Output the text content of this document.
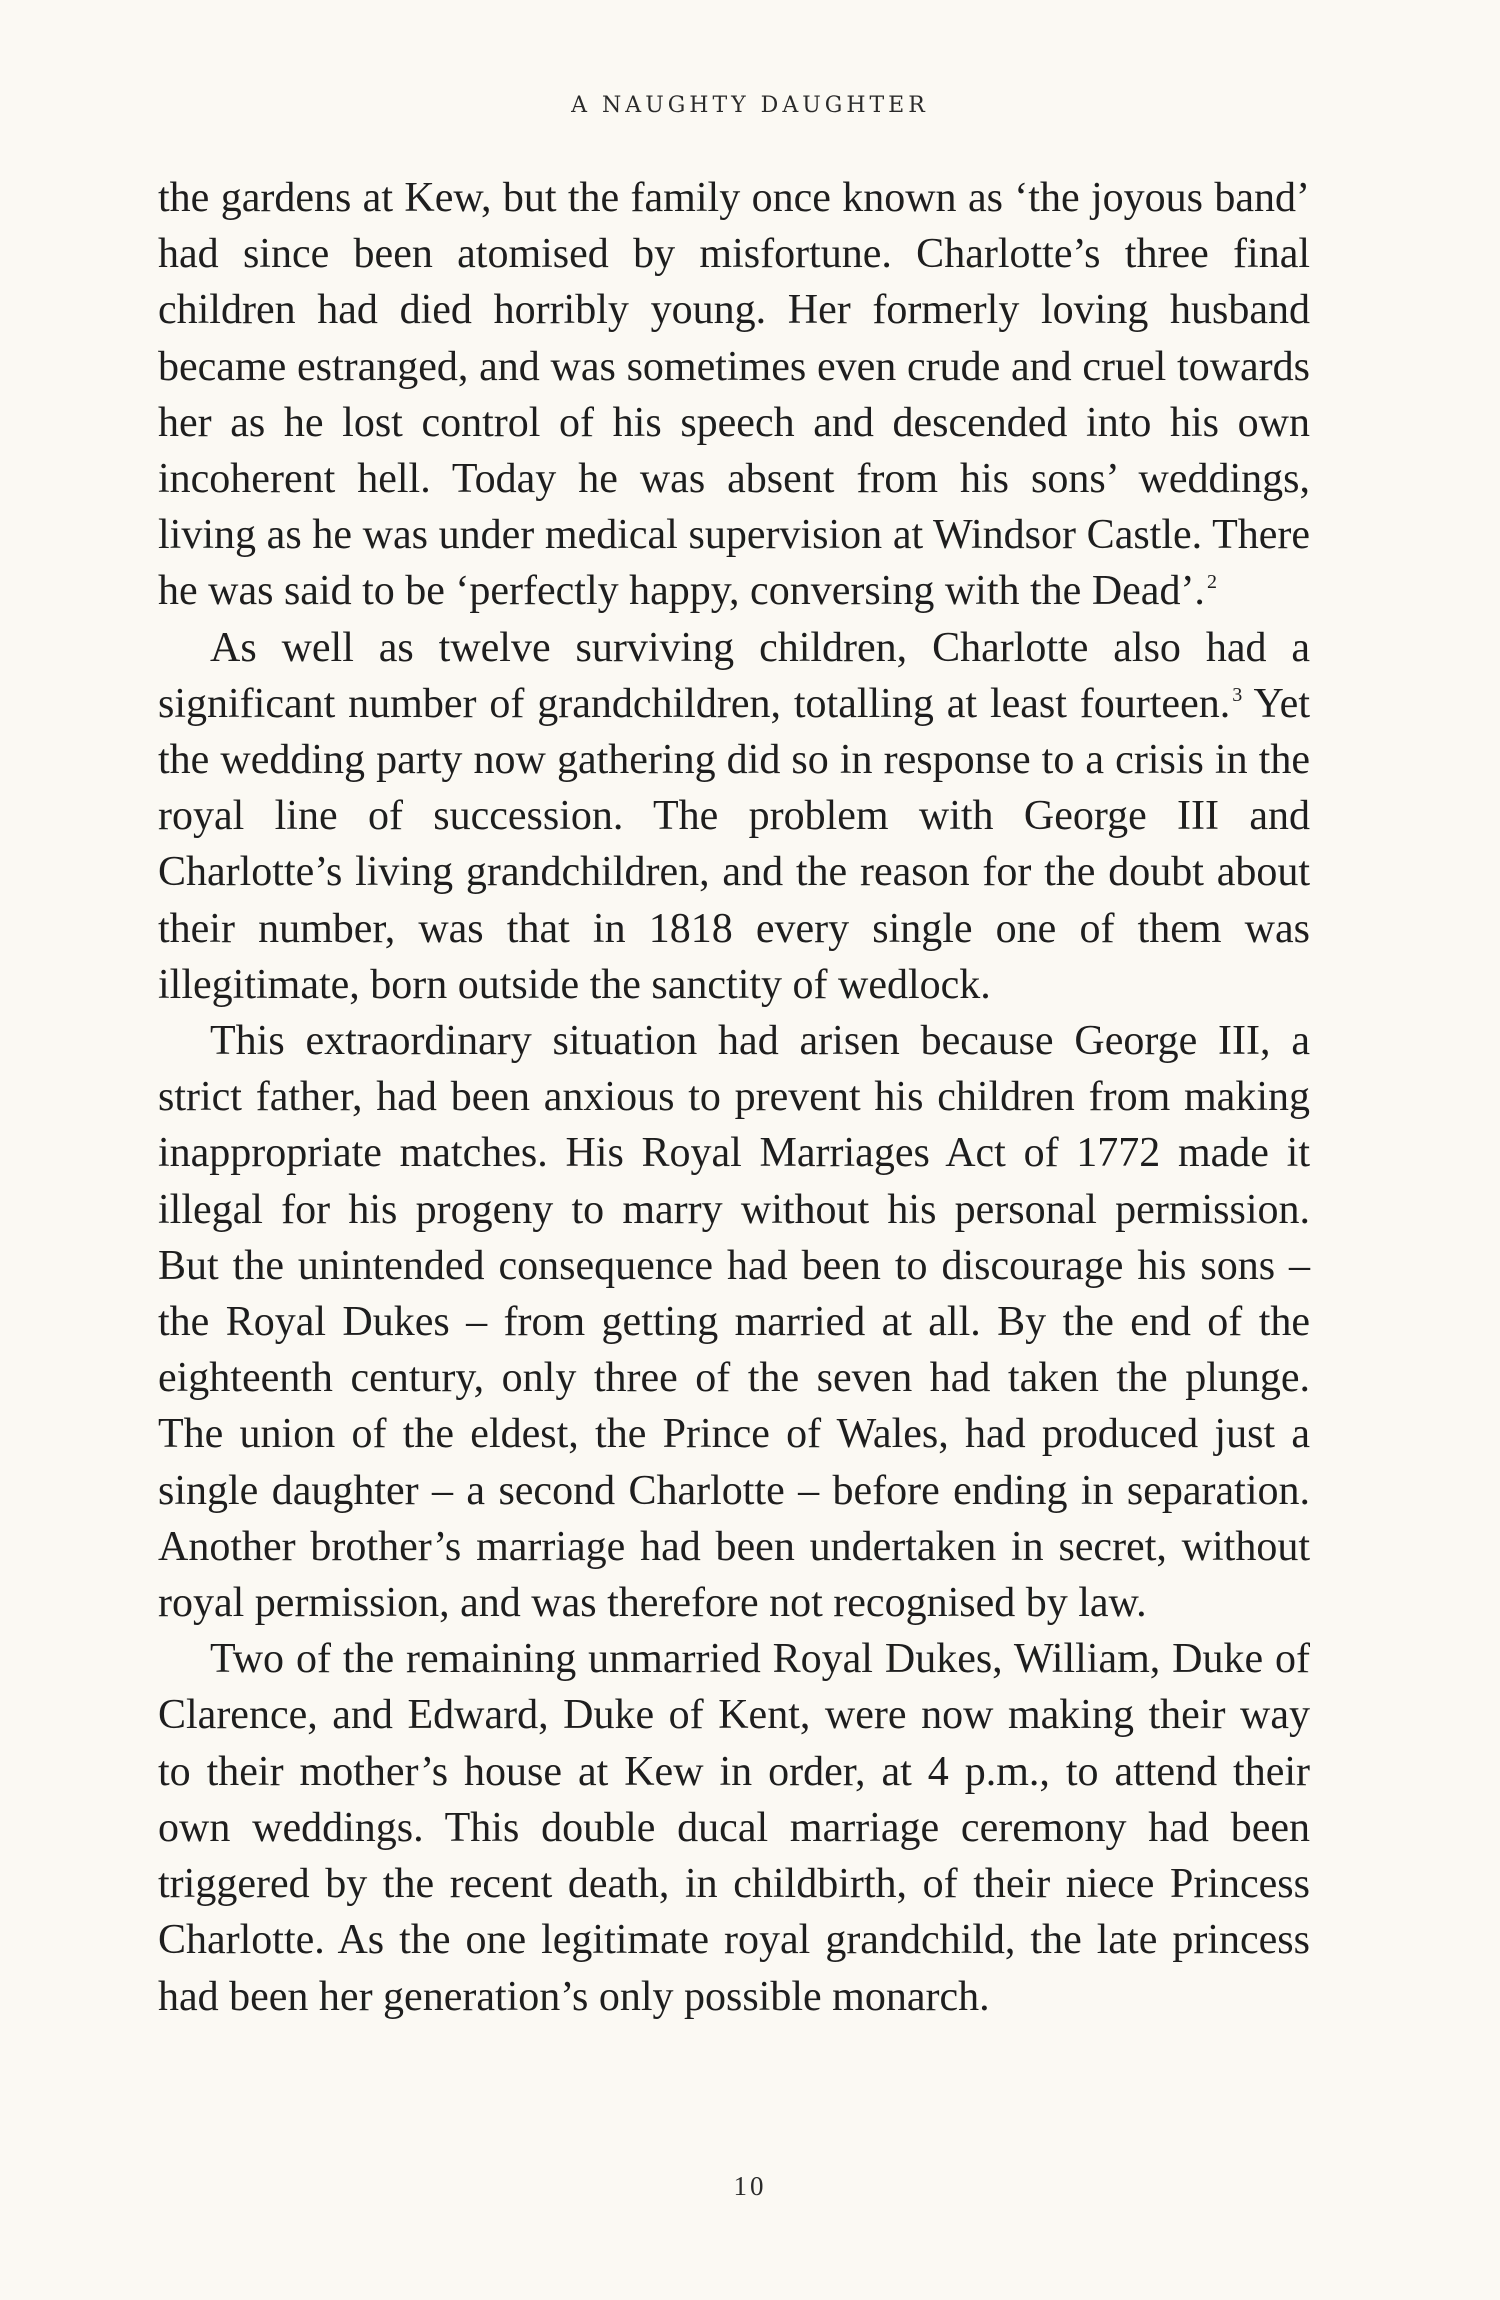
A NAUGHTY DAUGHTER

the gardens at Kew, but the family once known as ‘the joyous band’ had since been atomised by misfortune. Charlotte’s three final children had died horribly young. Her formerly loving husband became estranged, and was sometimes even crude and cruel towards her as he lost control of his speech and descended into his own incoherent hell. Today he was absent from his sons’ weddings, living as he was under medical supervision at Windsor Castle. There he was said to be ‘perfectly happy, conversing with the Dead’. $^2$

As well as twelve surviving children, Charlotte also had a significant number of grandchildren, totalling at least fourteen. $^3$ Yet the wedding party now gathering did so in response to a crisis in the royal line of succession. The problem with George III and Charlotte’s living grandchildren, and the reason for the doubt about their number, was that in 1818 every single one of them was illegitimate, born outside the sanctity of wedlock.

This extraordinary situation had arisen because George III, a strict father, had been anxious to prevent his children from making inappropriate matches. His Royal Marriages Act of 1772 made it illegal for his progeny to marry without his personal permission. But the unintended consequence had been to discourage his sons – the Royal Dukes – from getting married at all. By the end of the eighteenth century, only three of the seven had taken the plunge. The union of the eldest, the Prince of Wales, had produced just a single daughter – a second Charlotte – before ending in separation. Another brother’s marriage had been undertaken in secret, without royal permission, and was therefore not recognised by law.

Two of the remaining unmarried Royal Dukes, William, Duke of Clarence, and Edward, Duke of Kent, were now making their way to their mother’s house at Kew in order, at 4 p.m., to attend their own weddings. This double ducal marriage ceremony had been triggered by the recent death, in childbirth, of their niece Princess Charlotte. As the one legitimate royal grandchild, the late princess had been her generation’s only possible monarch.

10
